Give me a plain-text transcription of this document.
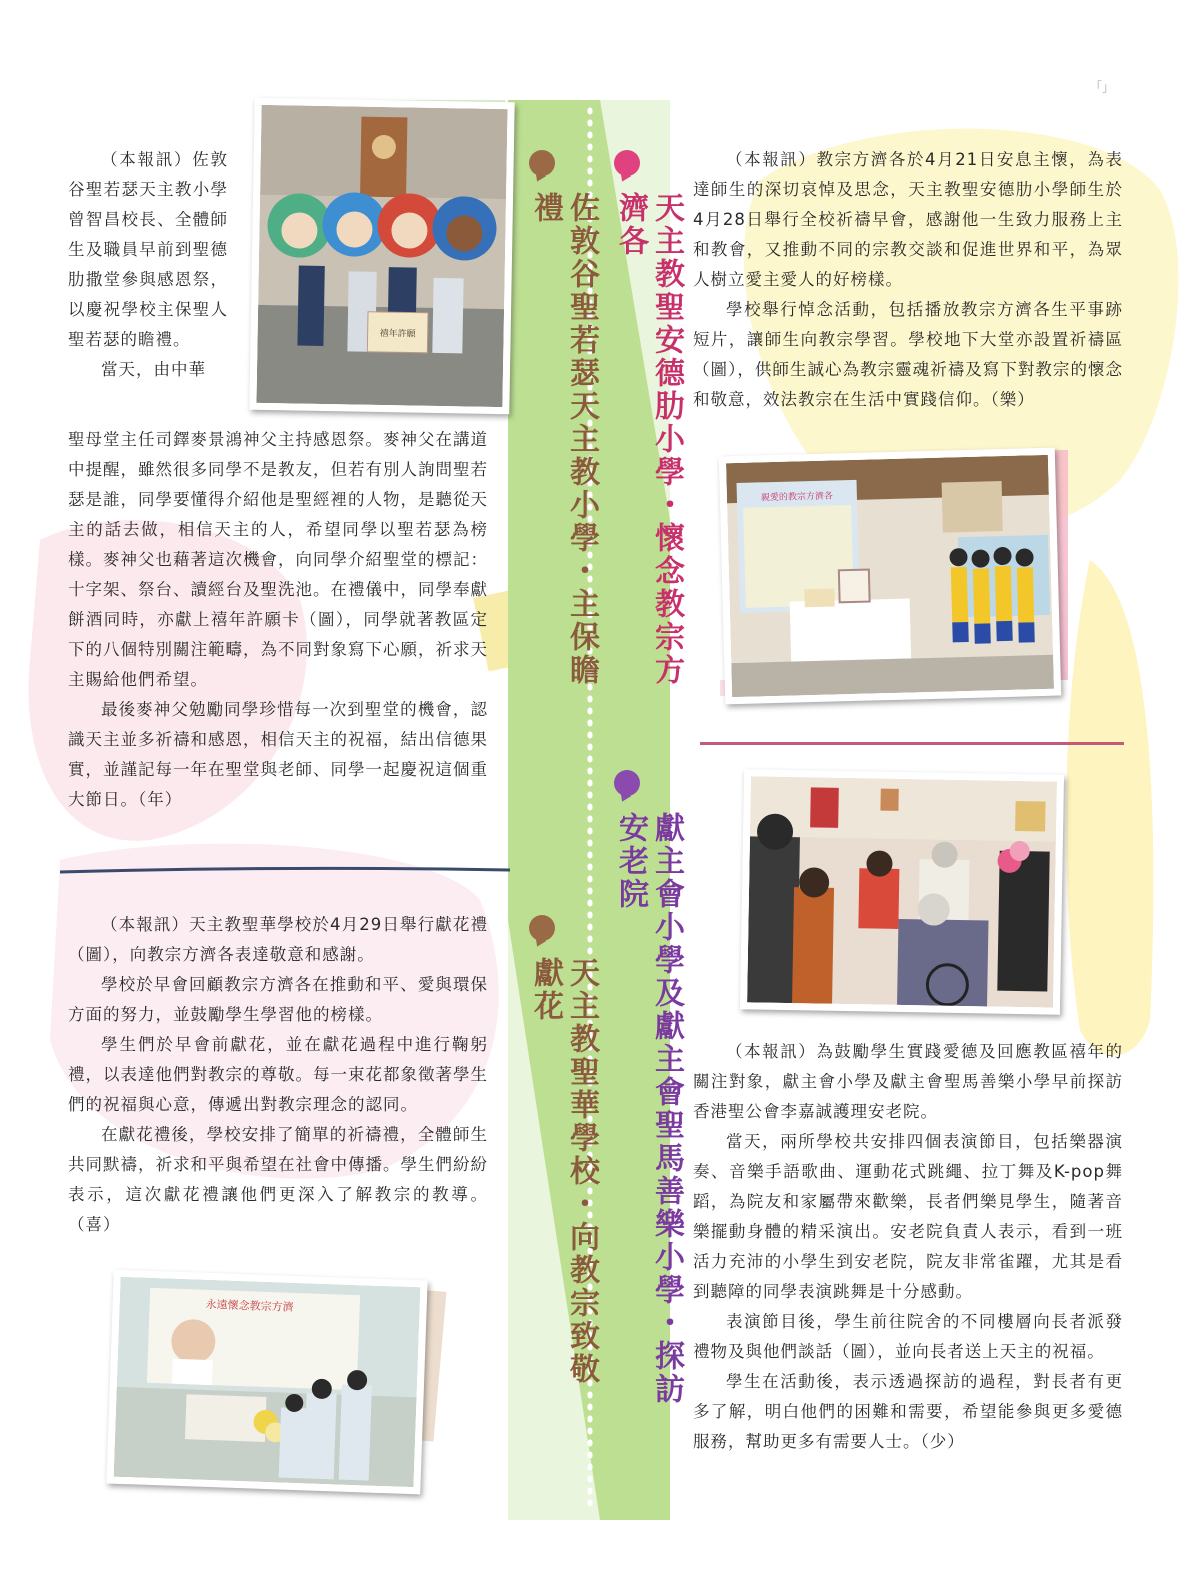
「」
佐敦谷聖若瑟天主教小學・主保瞻禮	天主教聖安德肋小學・懷念教宗方濟各
獻主會小學及獻主會聖馬善樂小學・探訪安老院
天主教聖華學校・向教宗致敬獻花
禧年許願

（本報訊）佐敦谷聖若瑟天主教小學曾智昌校長、全體師生及職員早前到聖德肋撒堂參與感恩祭，以慶祝學校主保聖人聖若瑟的瞻禮。

當天，由中華

聖母堂主任司鐸麥景鴻神父主持感恩祭。麥神父在講道中提醒，雖然很多同學不是教友，但若有別人詢問聖若瑟是誰，同學要懂得介紹他是聖經裡的人物，是聽從天主的話去做，相信天主的人，希望同學以聖若瑟為榜樣。麥神父也藉著這次機會，向同學介紹聖堂的標記：十字架、祭台、讀經台及聖洗池。在禮儀中，同學奉獻餅酒同時，亦獻上禧年許願卡（圖），同學就著教區定下的八個特別關注範疇，為不同對象寫下心願，祈求天主賜給他們希望。

最後麥神父勉勵同學珍惜每一次到聖堂的機會，認識天主並多祈禱和感恩，相信天主的祝福，結出信德果實，並謹記每一年在聖堂與老師、同學一起慶祝這個重大節日。（年）

（本報訊）天主教聖華學校於4月29日舉行獻花禮（圖），向教宗方濟各表達敬意和感謝。

學校於早會回顧教宗方濟各在推動和平、愛與環保方面的努力，並鼓勵學生學習他的榜樣。

學生們於早會前獻花，並在獻花過程中進行鞠躬禮，以表達他們對教宗的尊敬。每一束花都象徵著學生們的祝福與心意，傳遞出對教宗理念的認同。

在獻花禮後，學校安排了簡單的祈禱禮，全體師生共同默禱，祈求和平與希望在社會中傳播。學生們紛紛表示，這次獻花禮讓他們更深入了解教宗的教導。（喜）

永遠懷念教宗方濟

（本報訊）教宗方濟各於4月21日安息主懷，為表達師生的深切哀悼及思念，天主教聖安德肋小學師生於4月28日舉行全校祈禱早會，感謝他一生致力服務上主和教會，又推動不同的宗教交談和促進世界和平，為眾人樹立愛主愛人的好榜樣。

學校舉行悼念活動，包括播放教宗方濟各生平事跡短片，讓師生向教宗學習。學校地下大堂亦設置祈禱區（圖），供師生誠心為教宗靈魂祈禱及寫下對教宗的懷念和敬意，效法教宗在生活中實踐信仰。（樂）

親愛的教宗方濟各

（本報訊）為鼓勵學生實踐愛德及回應教區禧年的關注對象，獻主會小學及獻主會聖馬善樂小學早前探訪香港聖公會李嘉誠護理安老院。

當天，兩所學校共安排四個表演節目，包括樂器演奏、音樂手語歌曲、運動花式跳繩、拉丁舞及K-pop舞蹈，為院友和家屬帶來歡樂，長者們樂見學生，隨著音樂擺動身體的精采演出。安老院負責人表示，看到一班活力充沛的小學生到安老院，院友非常雀躍，尤其是看到聽障的同學表演跳舞是十分感動。

表演節目後，學生前往院舍的不同樓層向長者派發禮物及與他們談話（圖），並向長者送上天主的祝福。

學生在活動後，表示透過探訪的過程，對長者有更多了解，明白他們的困難和需要，希望能參與更多愛德服務，幫助更多有需要人士。（少）
